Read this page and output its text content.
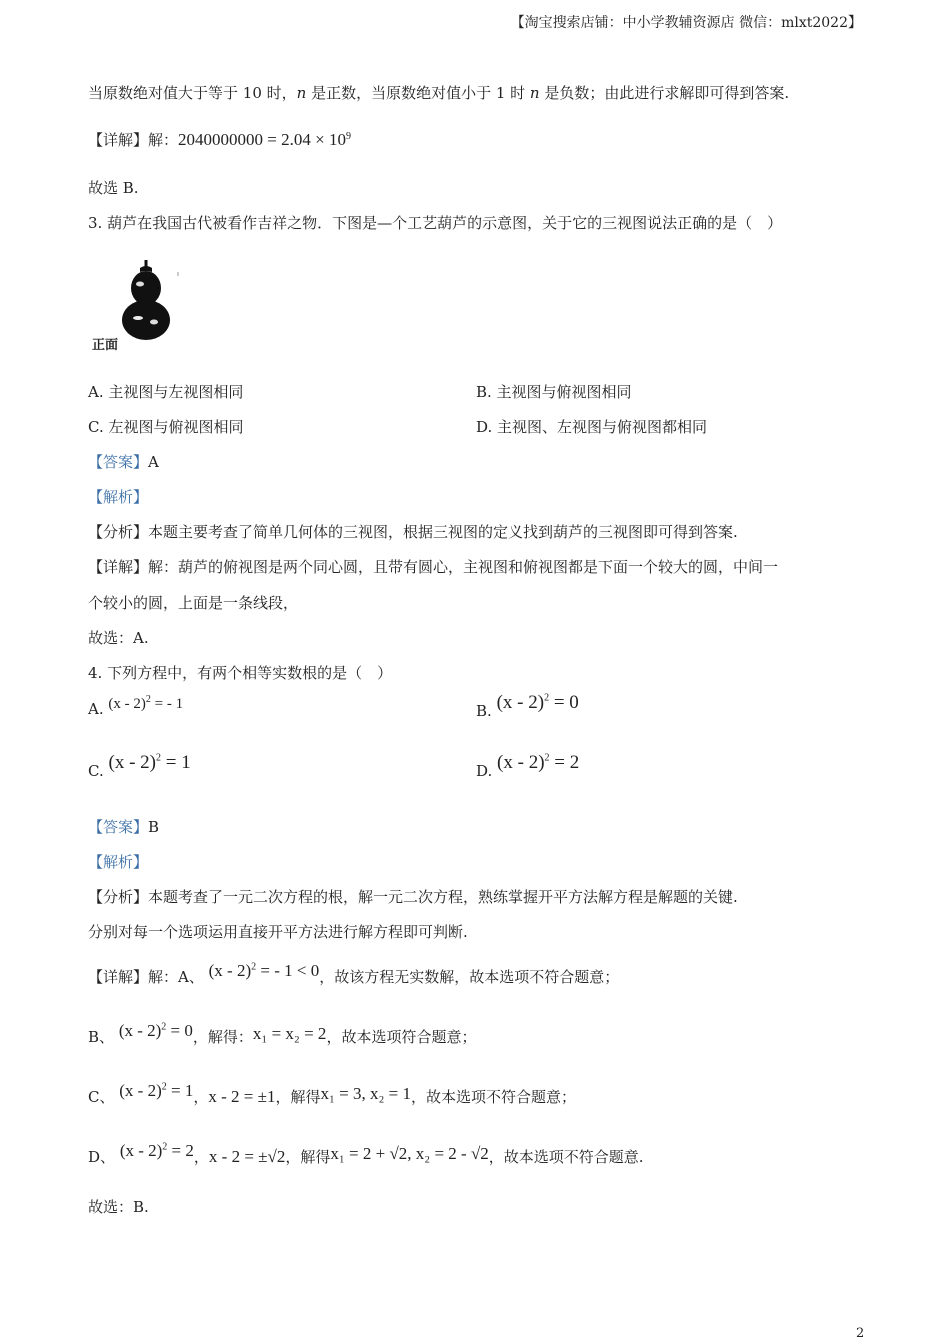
【淘宝搜索店铺：中小学教辅资源店 微信：mlxt2022】
当原数绝对值大于等于 10 时，n 是正数，当原数绝对值小于 1 时 n 是负数；由此进行求解即可得到答案.
【详解】解：$2040000000 = 2.04 \times 10^9$
故选 B.
3. 葫芦在我国古代被看作吉祥之物．下图是—个工艺葫芦的示意图，关于它的三视图说法正确的是（　）
正面
A. 主视图与左视图相同	B. 主视图与俯视图相同
C. 左视图与俯视图相同	D. 主视图、左视图与俯视图都相同
【答案】A
【解析】
【分析】本题主要考查了简单几何体的三视图，根据三视图的定义找到葫芦的三视图即可得到答案.
【详解】解：葫芦的俯视图是两个同心圆，且带有圆心，主视图和俯视图都是下面一个较大的圆，中间一
个较小的圆，上面是一条线段，
故选：A.
4. 下列方程中，有两个相等实数根的是（　）
A. (x - 2)$^2$ = - 1	B. (x - 2)$^2$ = 0
C. (x - 2)$^2$ = 1	D. (x - 2)$^2$ = 2
【答案】B
【解析】
【分析】本题考查了一元二次方程的根，解一元二次方程，熟练掌握开平方法解方程是解题的关键.
分别对每一个选项运用直接开平方法进行解方程即可判断.
【详解】解：A、 (x - 2)$^2$ = - 1 < 0，故该方程无实数解，故本选项不符合题意；
B、 (x - 2)$^2$ = 0，解得：x₁ = x₂ = 2，故本选项符合题意；
C、 (x - 2)$^2$ = 1，x - 2 = ±1，解得x₁ = 3, x₂ = 1，故本选项不符合题意；
D、 (x - 2)$^2$ = 2，x - 2 = ±√2，解得x₁ = 2 + √2, x₂ = 2 - √2，故本选项不符合题意.
故选：B.
2
